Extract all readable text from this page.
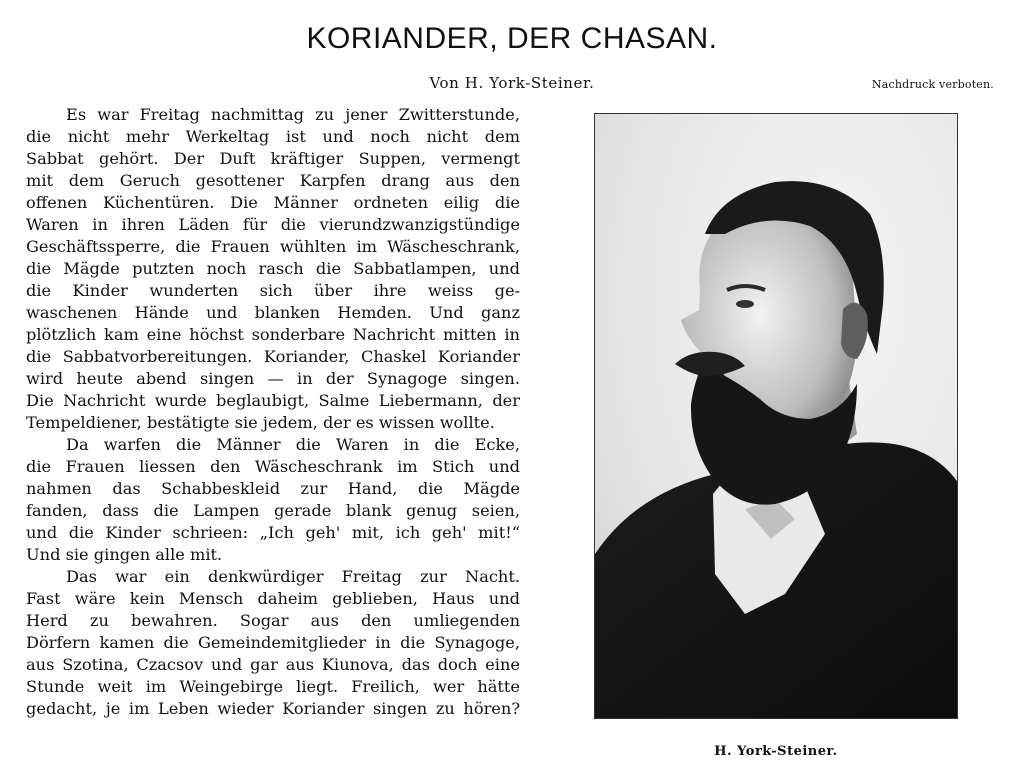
KORIANDER, DER CHASAN.
Von H. York-Steiner.	Nachdruck verboten.
Es war Freitag nachmittag zu jener Zwitterstunde,
die nicht mehr Werkeltag ist und noch nicht dem
Sabbat gehört. Der Duft kräftiger Suppen, vermengt
mit dem Geruch gesottener Karpfen drang aus den
offenen Küchentüren. Die Männer ordneten eilig die
Waren in ihren Läden für die vierundzwanzigstündige
Geschäftssperre, die Frauen wühlten im Wäscheschrank,
die Mägde putzten noch rasch die Sabbatlampen, und
die Kinder wunderten sich über ihre weiss ge-
waschenen Hände und blanken Hemden. Und ganz
plötzlich kam eine höchst sonderbare Nachricht mitten in
die Sabbatvorbereitungen. Koriander, Chaskel Koriander
wird heute abend singen — in der Synagoge singen.
Die Nachricht wurde beglaubigt, Salme Liebermann, der
Tempeldiener, bestätigte sie jedem, der es wissen wollte.
Da warfen die Männer die Waren in die Ecke,
die Frauen liessen den Wäscheschrank im Stich und
nahmen das Schabbeskleid zur Hand, die Mägde
fanden, dass die Lampen gerade blank genug seien,
und die Kinder schrieen: „Ich geh' mit, ich geh' mit!“
Und sie gingen alle mit.
Das war ein denkwürdiger Freitag zur Nacht.
Fast wäre kein Mensch daheim geblieben, Haus und
Herd zu bewahren. Sogar aus den umliegenden
Dörfern kamen die Gemeindemitglieder in die Synagoge,
aus Szotina, Czacsov und gar aus Kiunova, das doch eine
Stunde weit im Weingebirge liegt. Freilich, wer hätte
gedacht, je im Leben wieder Koriander singen zu hören?
H. York-Steiner.
